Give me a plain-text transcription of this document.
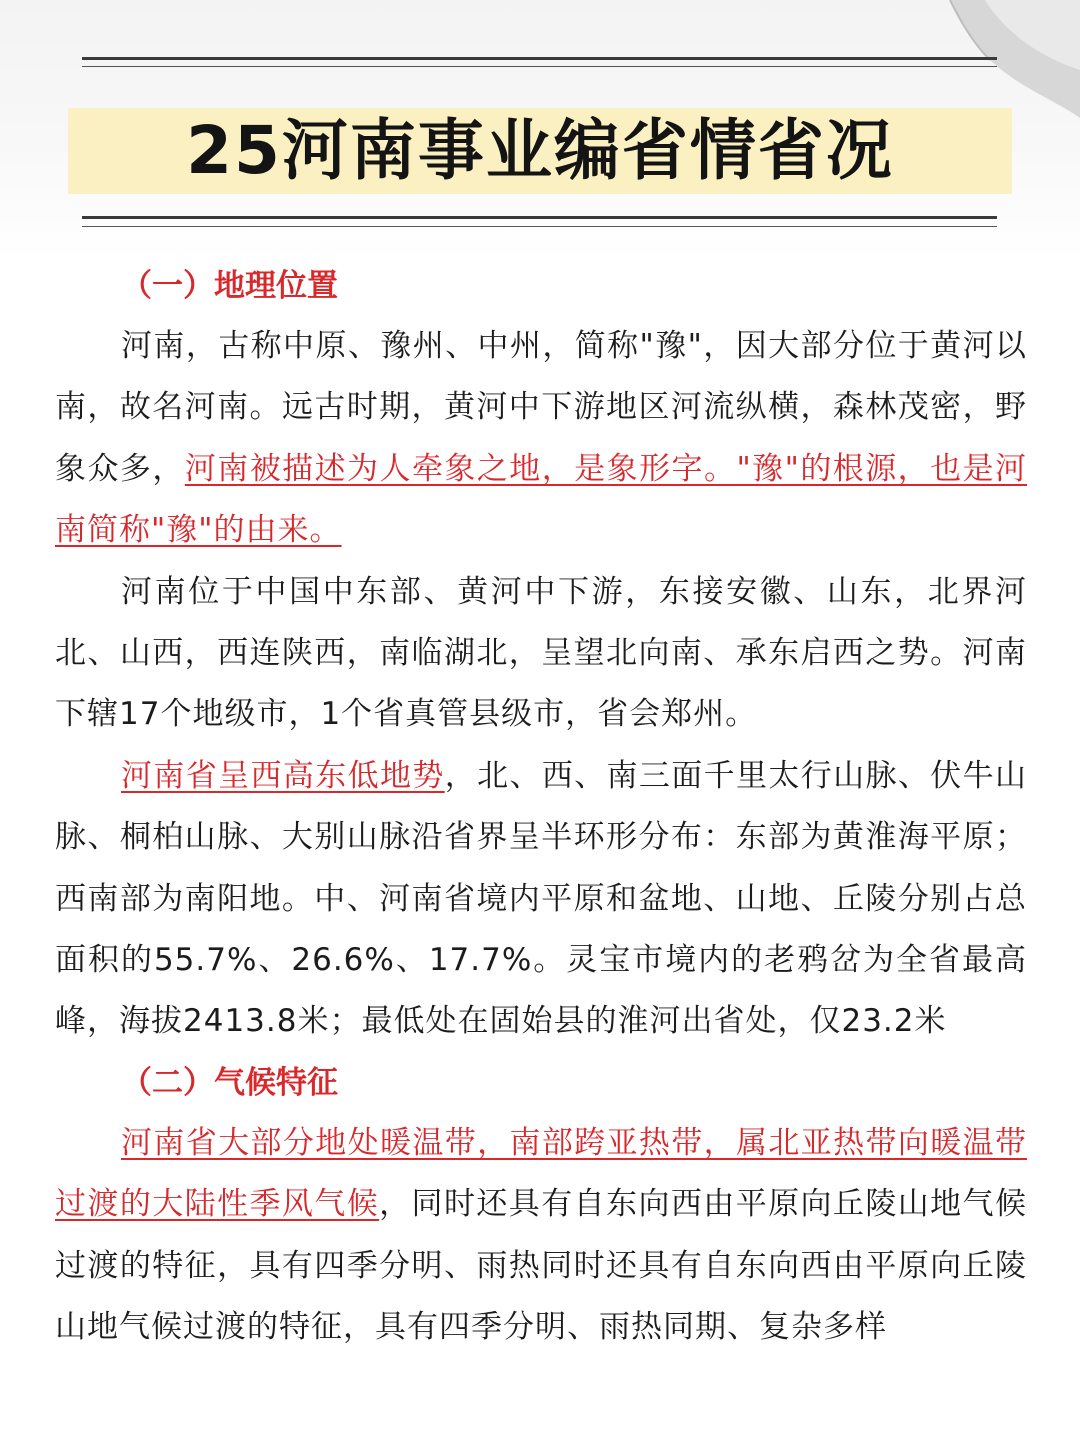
25河南事业编省情省况
（一）地理位置

河南，古称中原、豫州、中州，简称"豫"，因大部分位于黄河以南，故名河南。远古时期，黄河中下游地区河流纵横，森林茂密，野象众多，河南被描述为人牵象之地，是象形字。"豫"的根源，也是河南简称"豫"的由来。

河南位于中国中东部、黄河中下游，东接安徽、山东，北界河北、山西，西连陕西，南临湖北，呈望北向南、承东启西之势。河南下辖17个地级市，1个省真管县级市，省会郑州。

河南省呈西高东低地势，北、西、南三面千里太行山脉、伏牛山脉、桐柏山脉、大别山脉沿省界呈半环形分布：东部为黄淮海平原；西南部为南阳地。中、河南省境内平原和盆地、山地、丘陵分别占总面积的55.7%、26.6%、17.7%。灵宝市境内的老鸦岔为全省最高峰，海拔2413.8米；最低处在固始县的淮河出省处，仅23.2米

（二）气候特征

河南省大部分地处暖温带，南部跨亚热带，属北亚热带向暖温带过渡的大陆性季风气候，同时还具有自东向西由平原向丘陵山地气候过渡的特征，具有四季分明、雨热同时还具有自东向西由平原向丘陵山地气候过渡的特征，具有四季分明、雨热同期、复杂多样
